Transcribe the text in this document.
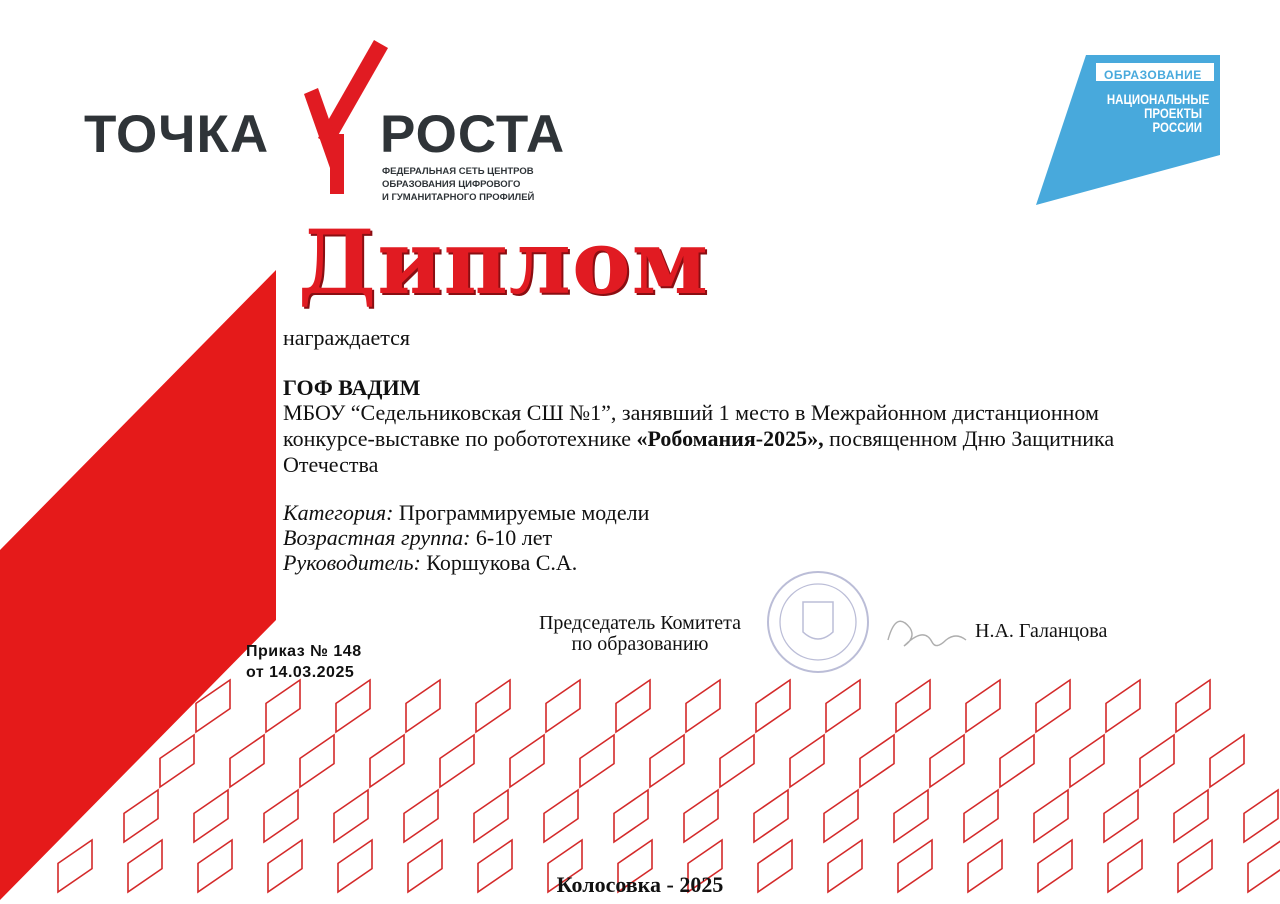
ТОЧКА РОСТА
ФЕДЕРАЛЬНАЯ СЕТЬ ЦЕНТРОВ
ОБРАЗОВАНИЯ ЦИФРОВОГО
И ГУМАНИТАРНОГО ПРОФИЛЕЙ
ОБРАЗОВАНИЕ
НАЦИОНАЛЬНЫЕ
ПРОЕКТЫ
РОССИИ
Диплом
награждается
ГОФ ВАДИМ
МБОУ “Седельниковская СШ №1”, занявший 1 место в Межрайонном дистанционном конкурсе-выставке по робототехнике «Робомания-2025», посвященном Дню Защитника Отечества
Категория: Программируемые модели
Возрастная группа: 6-10 лет
Руководитель: Коршукова С.А.
Приказ № 148
от 14.03.2025
Председатель Комитета
по образованию
Н.А. Галанцова
Колосовка - 2025
